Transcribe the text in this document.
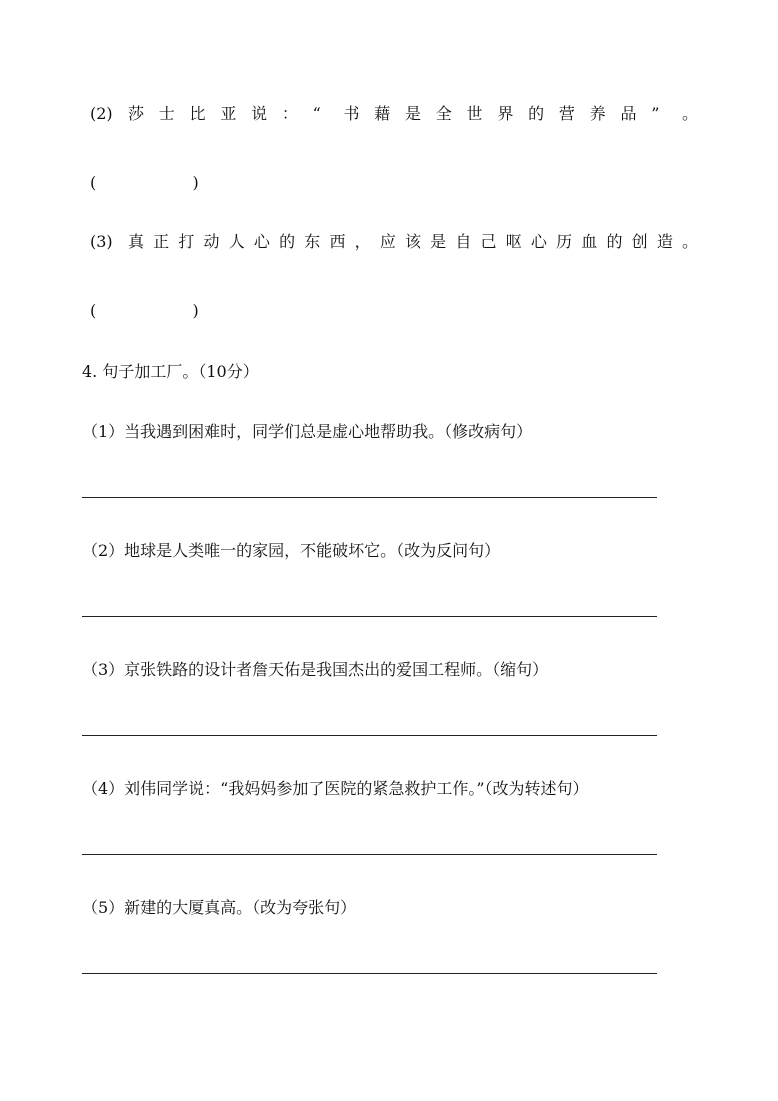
(2) 莎 士 比 亚 说 ： “ 书 藉 是 全 世 界 的 营 养 品 ” 。
(	)
(3) 真 正 打 动 人 心 的 东 西 ， 应 该 是 自 己 呕 心 历 血 的 创 造 。
(	)
4. 句子加工厂。（10分）
（1）当我遇到困难时，同学们总是虚心地帮助我。（修改病句）
（2）地球是人类唯一的家园，不能破坏它。（改为反问句）
（3）京张铁路的设计者詹天佑是我国杰出的爱国工程师。（缩句）
（4）刘伟同学说：“我妈妈参加了医院的紧急救护工作。”（改为转述句）
（5）新建的大厦真高。（改为夸张句）
